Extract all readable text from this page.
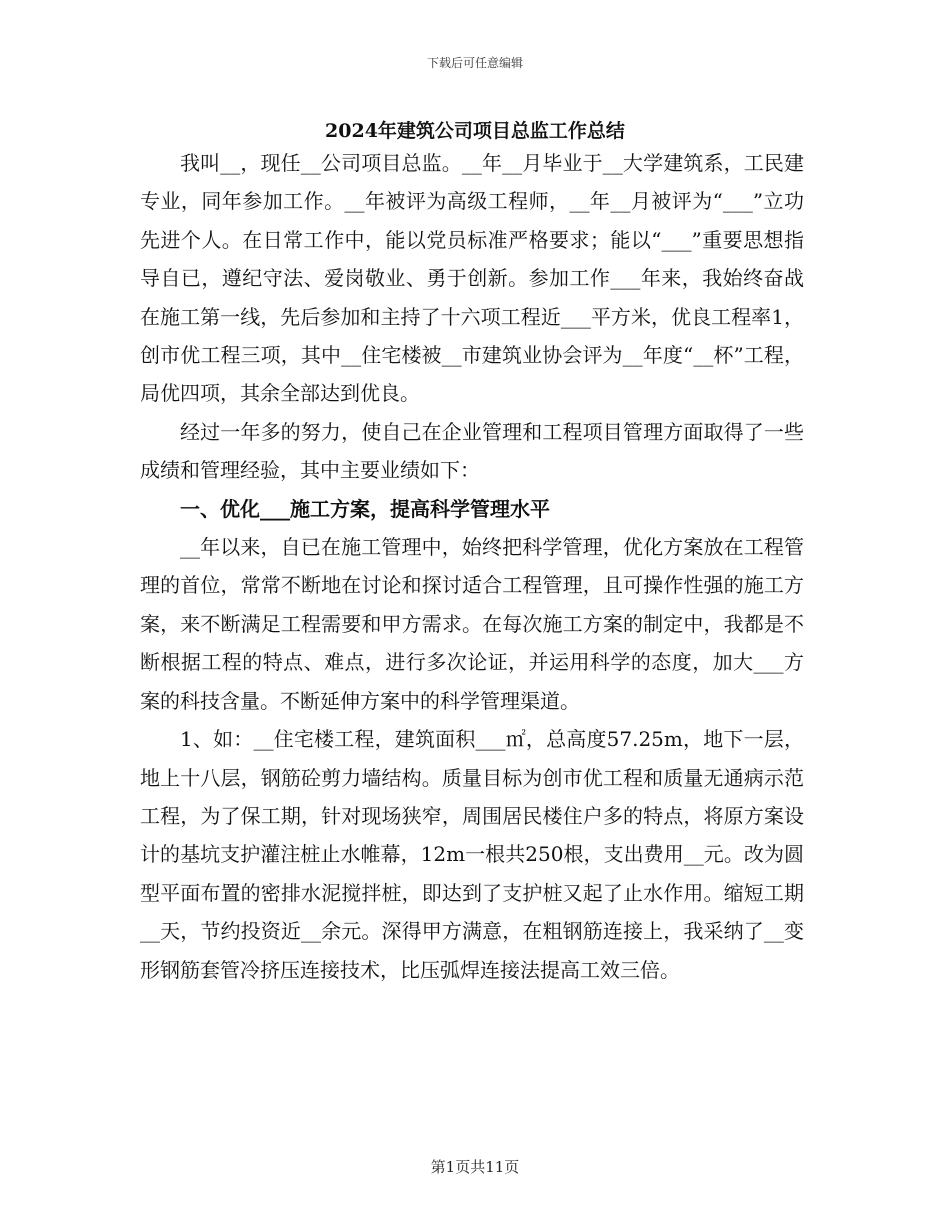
下载后可任意编辑
2024年建筑公司项目总监工作总结

我叫__，现任__公司项目总监。__年__月毕业于__大学建筑系，工民建专业，同年参加工作。__年被评为高级工程师，__年__月被评为“___”立功先进个人。在日常工作中，能以党员标准严格要求；能以“___”重要思想指导自已，遵纪守法、爱岗敬业、勇于创新。参加工作___年来，我始终奋战在施工第一线，先后参加和主持了十六项工程近___平方米，优良工程率1，创市优工程三项，其中__住宅楼被__市建筑业协会评为__年度“__杯”工程，局优四项，其余全部达到优良。

经过一年多的努力，使自己在企业管理和工程项目管理方面取得了一些成绩和管理经验，其中主要业绩如下：

一、优化___施工方案，提高科学管理水平

__年以来，自已在施工管理中，始终把科学管理，优化方案放在工程管理的首位，常常不断地在讨论和探讨适合工程管理，且可操作性强的施工方案，来不断满足工程需要和甲方需求。在每次施工方案的制定中，我都是不断根据工程的特点、难点，进行多次论证，并运用科学的态度，加大___方案的科技含量。不断延伸方案中的科学管理渠道。

1、如：__住宅楼工程，建筑面积___㎡，总高度57.25m，地下一层，地上十八层，钢筋砼剪力墙结构。质量目标为创市优工程和质量无通病示范工程，为了保工期，针对现场狭窄，周围居民楼住户多的特点，将原方案设计的基坑支护灌注桩止水帷幕，12m一根共250根，支出费用__元。改为圆型平面布置的密排水泥搅拌桩，即达到了支护桩又起了止水作用。缩短工期__天，节约投资近__余元。深得甲方满意，在粗钢筋连接上，我采纳了__变形钢筋套管冷挤压连接技术，比压弧焊连接法提高工效三倍。

第1页共11页
